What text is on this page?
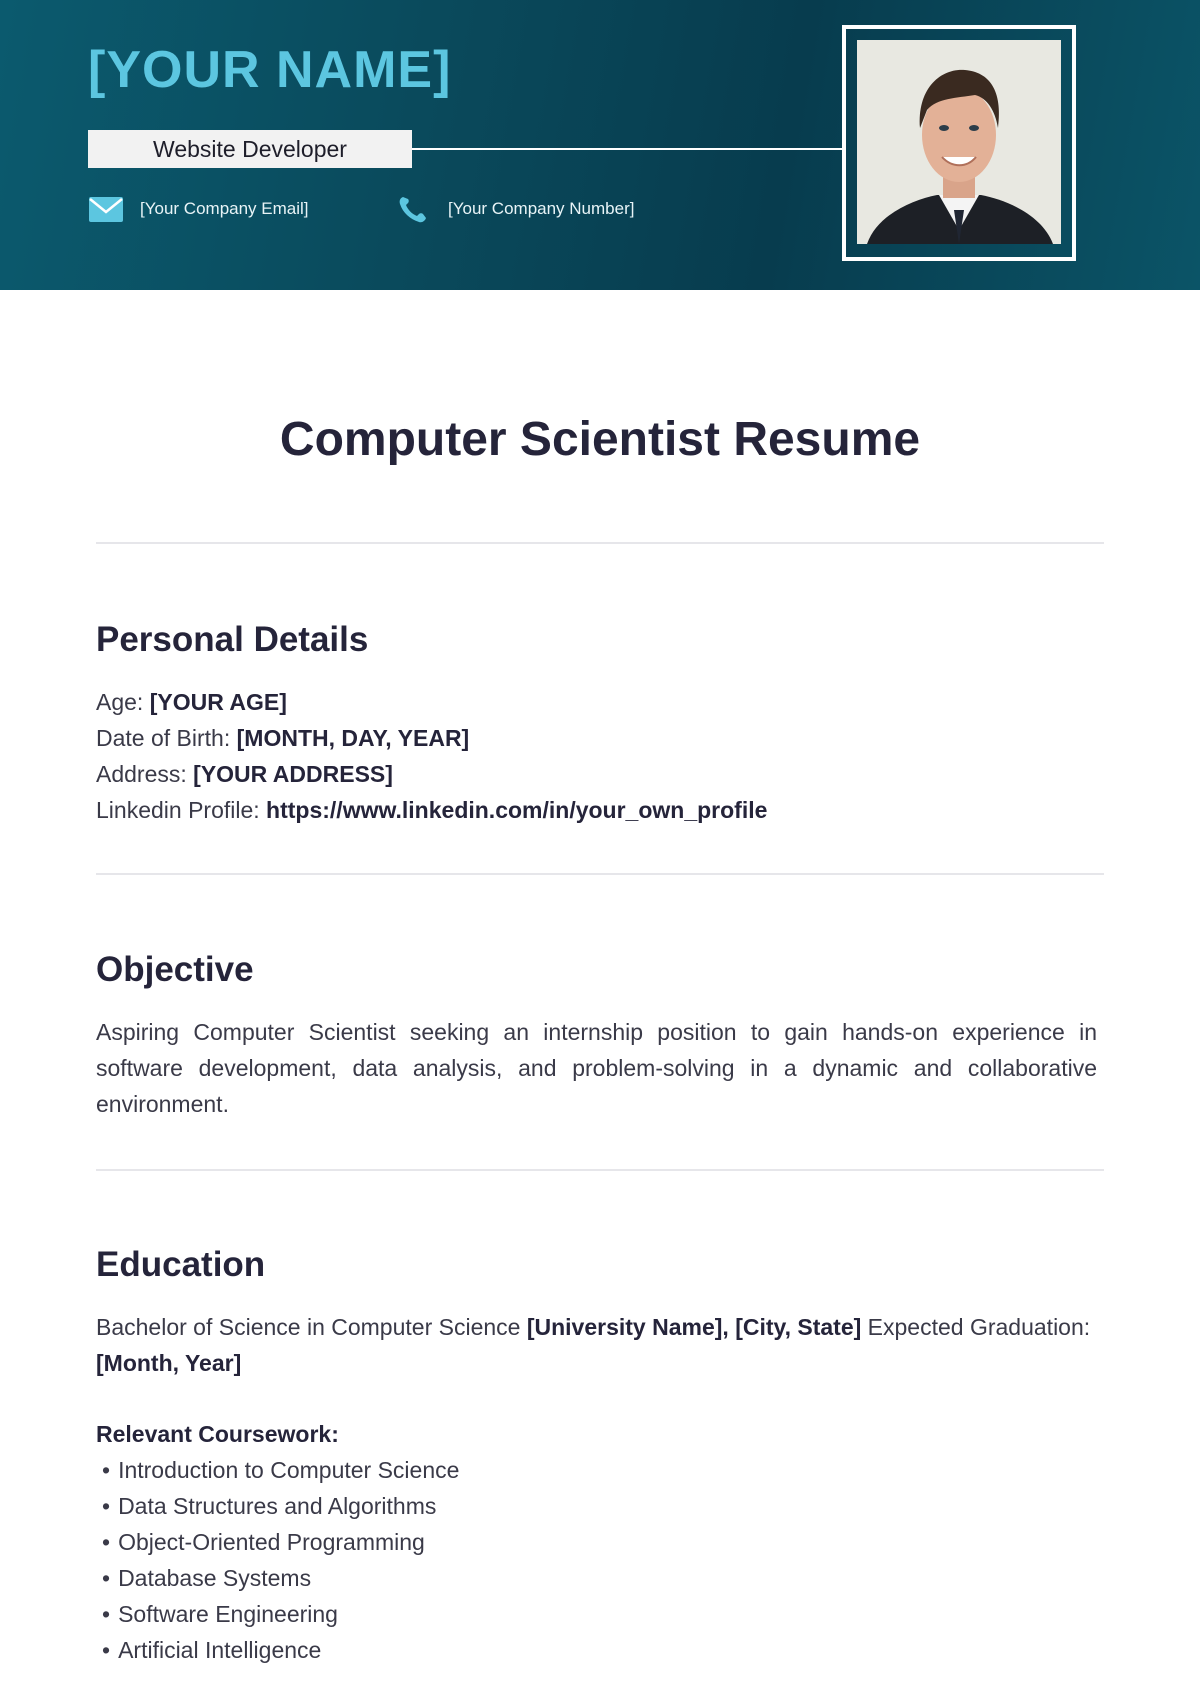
[YOUR NAME]
Website Developer
[Your Company Email]	[Your Company Number]
Computer Scientist Resume
Personal Details
Age: [YOUR AGE]
Date of Birth: [MONTH, DAY, YEAR]
Address: [YOUR ADDRESS]
Linkedin Profile: https://www.linkedin.com/in/your_own_profile
Objective
Aspiring Computer Scientist seeking an internship position to gain hands-on experience in software development, data analysis, and problem-solving in a dynamic and collaborative environment.
Education
Bachelor of Science in Computer Science [University Name], [City, State] Expected Graduation: [Month, Year]
Relevant Coursework:
• Introduction to Computer Science
• Data Structures and Algorithms
• Object-Oriented Programming
• Database Systems
• Software Engineering
• Artificial Intelligence
